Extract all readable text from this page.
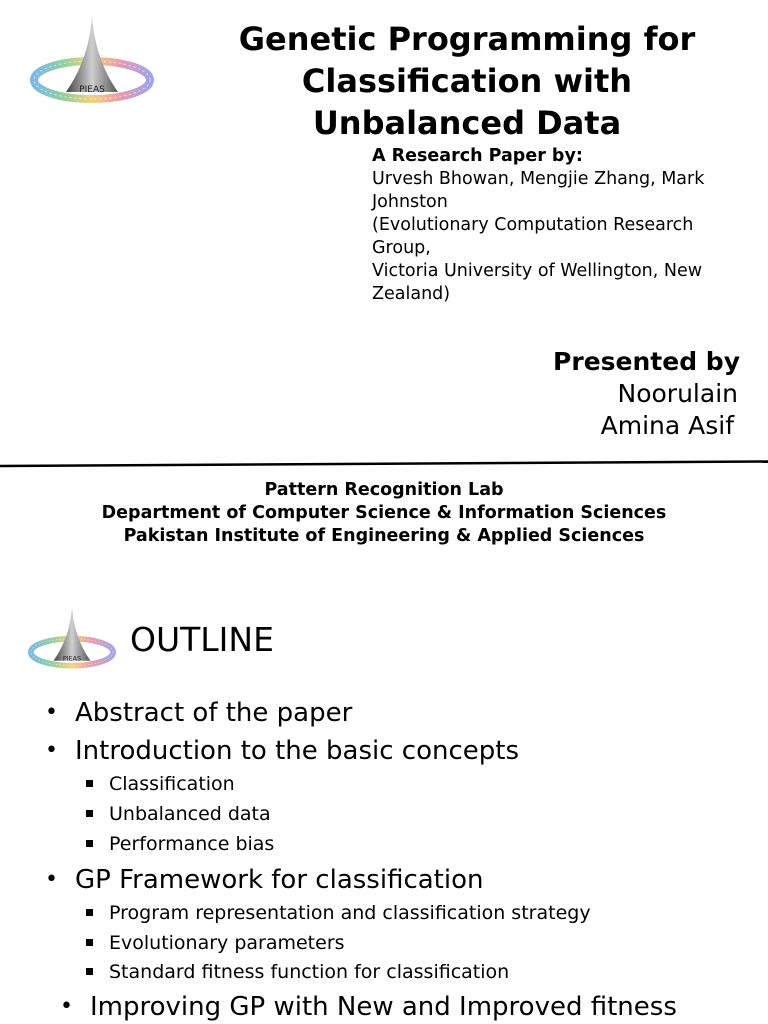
PIEAS
Genetic Programming for
Classification with
Unbalanced Data
A Research Paper by:
Urvesh Bhowan, Mengjie Zhang, Mark
Johnston
(Evolutionary Computation Research
Group,
Victoria University of Wellington, New
Zealand)
Presented by
Noorulain
Amina Asif
Pattern Recognition Lab
Department of Computer Science & Information Sciences
Pakistan Institute of Engineering & Applied Sciences
PIEAS OUTLINE
• Abstract of the paper
• Introduction to the basic concepts
Classification
Unbalanced data
Performance bias
• GP Framework for classification
Program representation and classification strategy
Evolutionary parameters
Standard fitness function for classification
• Improving GP with New and Improved fitness
